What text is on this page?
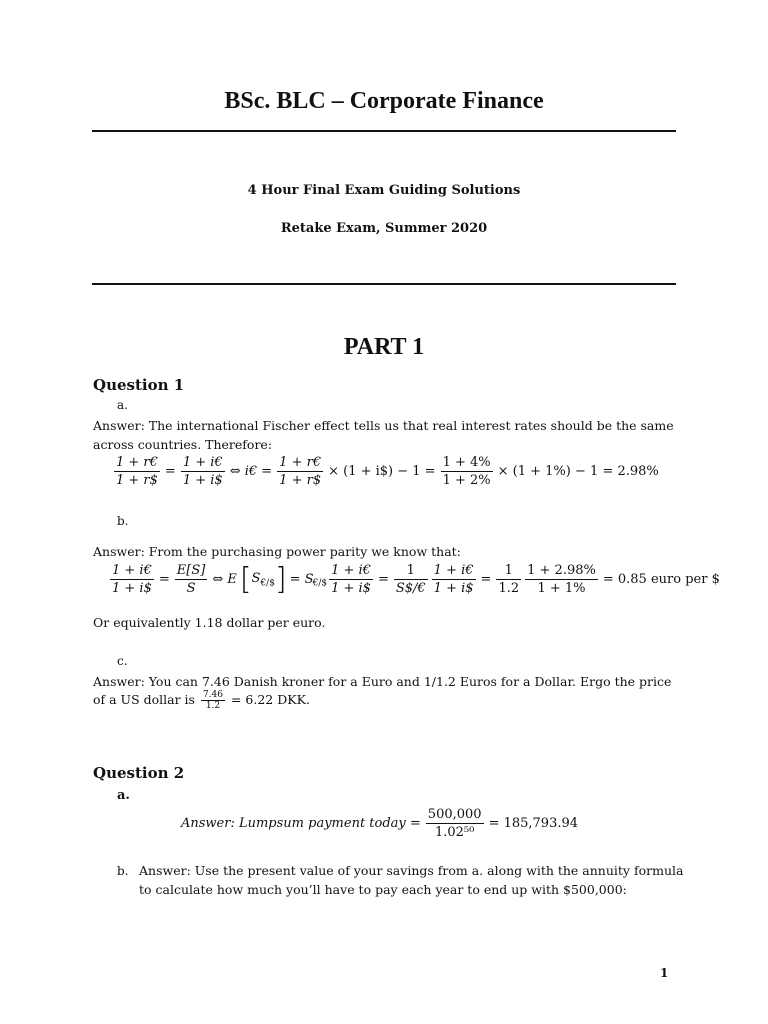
BSc. BLC – Corporate Finance
4 Hour Final Exam Guiding Solutions
Retake Exam, Summer 2020
PART 1
Question 1
a.
Answer: The international Fischer effect tells us that real interest rates should be the same across countries. Therefore:
$\frac{1 + r€}{1 + r\$} = \frac{1 + i€}{1 + i\$}$ ⇔ i€ = $\frac{1 + r€}{1 + r\$} \times (1$ + i$) − $1 = \frac{1 + 4\%}{1 + 2\%} \times (1 + 1\%) - 1 = 2.98\%$
b.
Answer: From the purchasing power parity we know that:
$\frac{1 + i€}{1 + i\$} = \frac{E[S]}{S}$ ⇔ E $[S_{€/\$}] = S_{€/\$} \frac{1 + i€}{1 + i\$} = \frac{1}{S\$/€} \frac{1 + i€}{1 + i\$} = \frac{1}{1.2} \frac{1 + 2.98\%}{1 + 1\%} = 0.85$ euro per $
Or equivalently 1.18 dollar per euro.
c.
Answer: You can 7.46 Danish kroner for a Euro and 1/1.2 Euros for a Dollar. Ergo the price
of a US dollar is $\frac{7.46}{1.2} = 6.22$ DKK.
Question 2
a.
Answer: Lumpsum payment today = $\frac{500,000}{\text{1.02⁵⁰}} = 185,793.94$
b. Answer: Use the present value of your savings from a. along with the annuity formula
to calculate how much you’ll have to pay each year to end up with $500,000:
1
